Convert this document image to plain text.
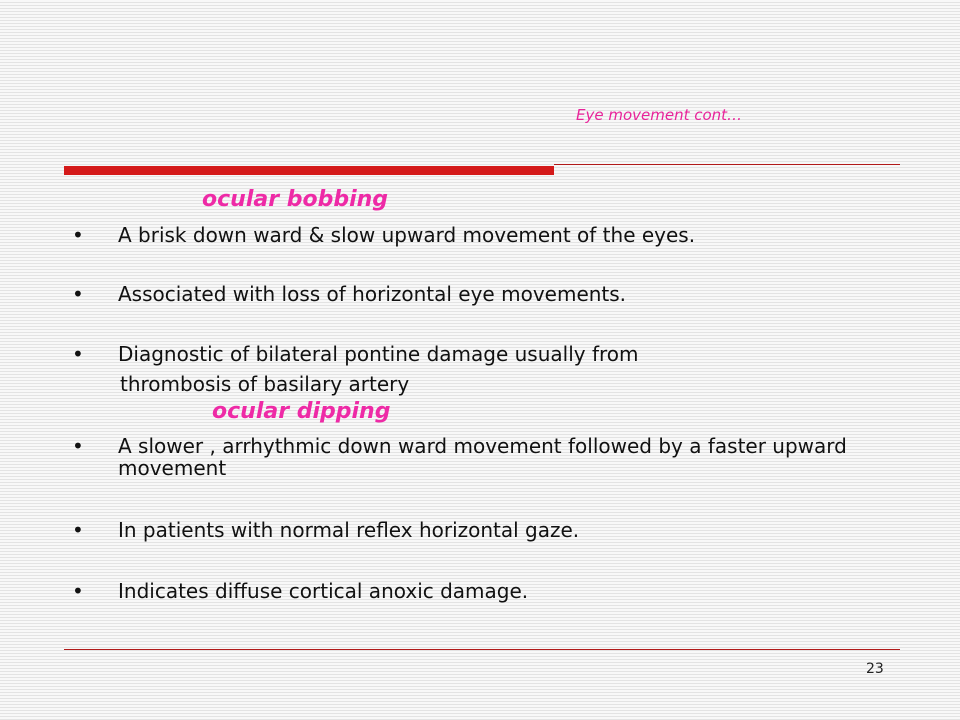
Eye movement cont…
ocular bobbing
•	A brisk down ward & slow upward movement of the eyes.
•	Associated with loss of horizontal eye movements.
•	Diagnostic of bilateral pontine damage usually from
thrombosis of basilary artery
ocular dipping
•	A slower , arrhythmic down ward movement followed by a faster upward movement
•	In patients with normal reflex horizontal gaze.
•	Indicates diffuse cortical anoxic damage.
23
